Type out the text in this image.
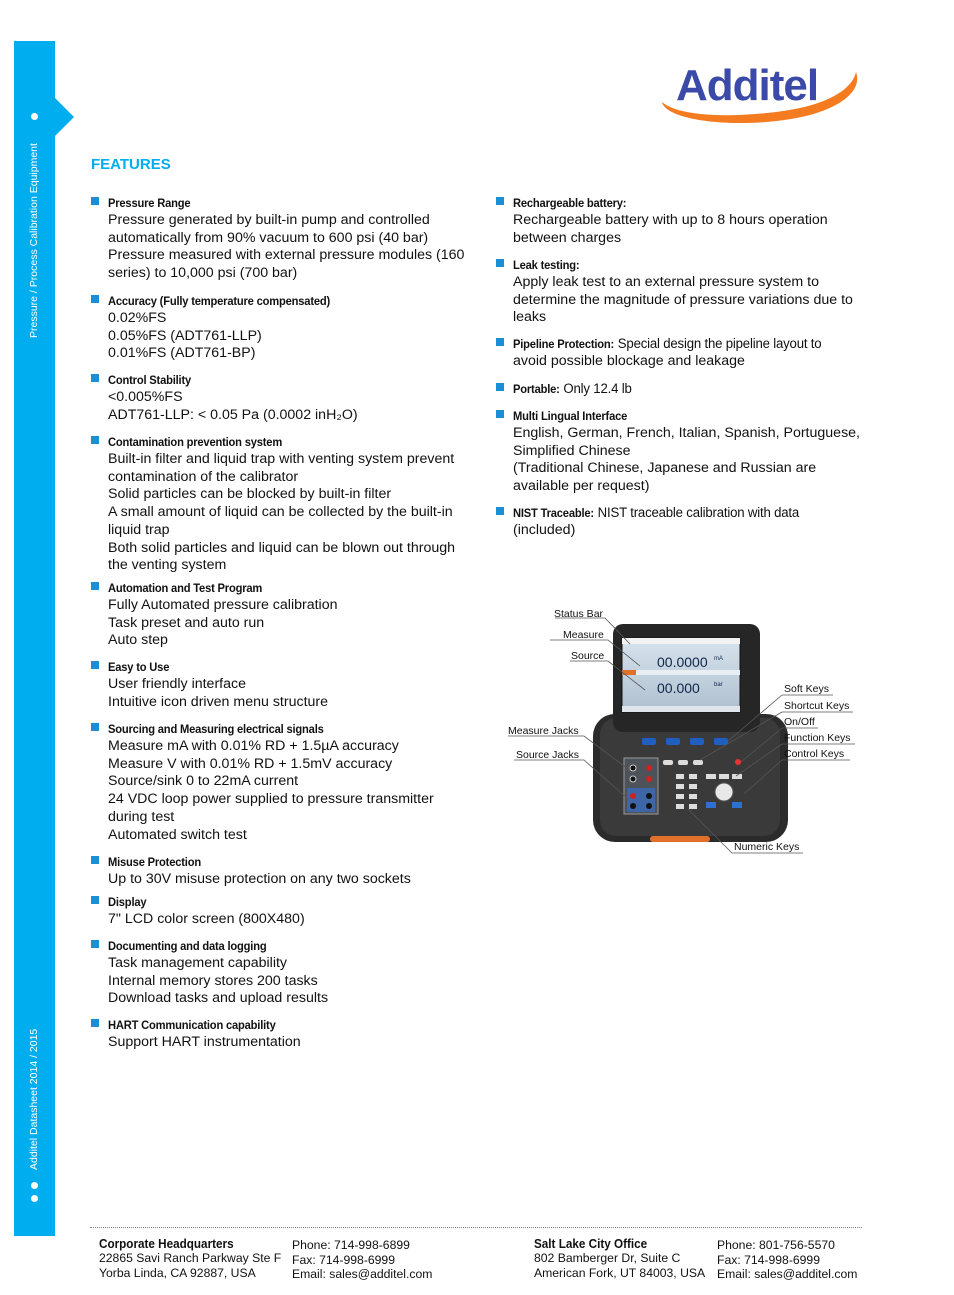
Pressure / Process Calibration Equipment
Additel Datasheet 2014 / 2015
Additel
FEATURES
Pressure Range
Pressure generated by built-in pump and controlled
automatically from 90% vacuum to 600 psi (40 bar)
Pressure measured with external pressure modules (160
series) to 10,000 psi (700 bar)
Accuracy (Fully temperature compensated)
0.02%FS
0.05%FS (ADT761-LLP)
0.01%FS (ADT761-BP)
Control Stability
<0.005%FS
ADT761-LLP: < 0.05 Pa (0.0002 inH₂O)
Contamination prevention system
Built-in filter and liquid trap with venting system prevent
contamination of the calibrator
Solid particles can be blocked by built-in filter
A small amount of liquid can be collected by the built-in
liquid trap
Both solid particles and liquid can be blown out through
the venting system
Automation and Test Program
Fully Automated pressure calibration
Task preset and auto run
Auto step
Easy to Use
User friendly interface
Intuitive icon driven menu structure
Sourcing and Measuring electrical signals
Measure mA with 0.01% RD + 1.5µA accuracy
Measure V with 0.01% RD + 1.5mV accuracy
Source/sink 0 to 22mA current
24 VDC loop power supplied to pressure transmitter
during test
Automated switch test
Misuse Protection
Up to 30V misuse protection on any two sockets
Display
7" LCD color screen (800X480)
Documenting and data logging
Task management capability
Internal memory stores 200 tasks
Download tasks and upload results
HART Communication capability
Support HART instrumentation
Rechargeable battery:
Rechargeable battery with up to 8 hours operation
between charges
Leak testing:
Apply leak test to an external pressure system to
determine the magnitude of pressure variations due to
leaks
Pipeline Protection: Special design the pipeline layout to
avoid possible blockage and leakage
Portable: Only 12.4 lb
Multi Lingual Interface
English, German, French, Italian, Spanish, Portuguese,
Simplified Chinese
(Traditional Chinese, Japanese and Russian are
available per request)
NIST Traceable: NIST traceable calibration with data
(included)
00.0000 mA
00.000 bar
Status Bar
Measure
Source
Measure Jacks
Source Jacks
Soft Keys
Shortcut Keys
On/Off
Function Keys
Control Keys
Numeric Keys
Corporate Headquarters
22865 Savi Ranch Parkway Ste F
Yorba Linda, CA 92887, USA
Phone: 714-998-6899
Fax: 714-998-6999
Email: sales@additel.com
Salt Lake City Office
802 Bamberger Dr, Suite C
American Fork, UT 84003, USA
Phone: 801-756-5570
Fax: 714-998-6999
Email: sales@additel.com
